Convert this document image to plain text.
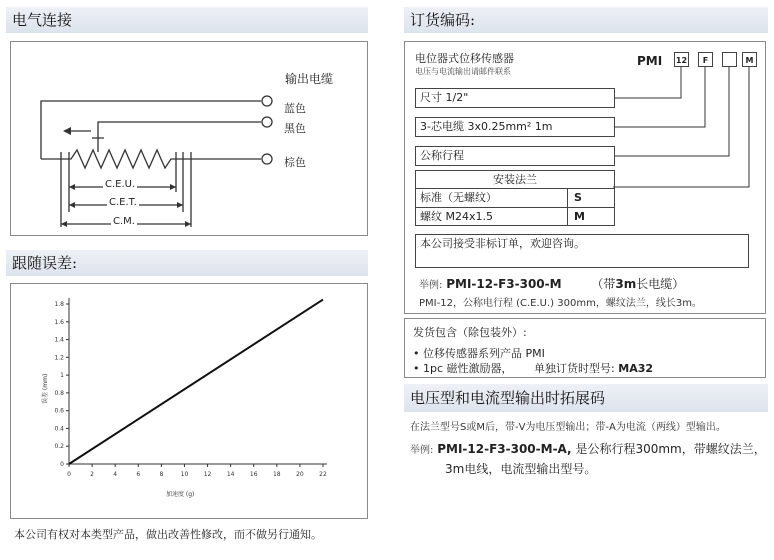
电气连接
输出电缆
蓝色
黑色
棕色
C.E.U.
C.E.T.
C.M.
跟随误差:
0	2	4	6	8	10	12	14	16	18	20	22
0
0.2
0.4
0.6
0.8
1
1.2
1.4
1.6
1.8
加速度 (g)
误差 (mm)
本公司有权对本类型产品，做出改善性修改，而不做另行通知。
订货编码:
电位器式位移传感器
电压与电流输出请邮件联系
PMI 12	F	M
尺寸 1/2"
3-芯电缆 3x0.25mm² 1m
公称行程
安装法兰
标准（无螺纹）	S
螺纹 M24x1.5	M
本公司接受非标订单，欢迎咨询。
举例: PMI-12-F3-300-M （带3m长电缆）
PMI-12，公称电行程 (C.E.U.) 300mm，螺纹法兰，线长3m。
发货包含（除包装外）:
• 位移传感器系列产品 PMI
• 1pc 磁性激励器， 单独订货时型号: MA32
电压型和电流型输出时拓展码
在法兰型号S或M后，带-V为电压型输出；带-A为电流（两线）型输出。
举例: PMI-12-F3-300-M-A, 是公称行程300mm，带螺纹法兰，
3m电线，电流型输出型号。
